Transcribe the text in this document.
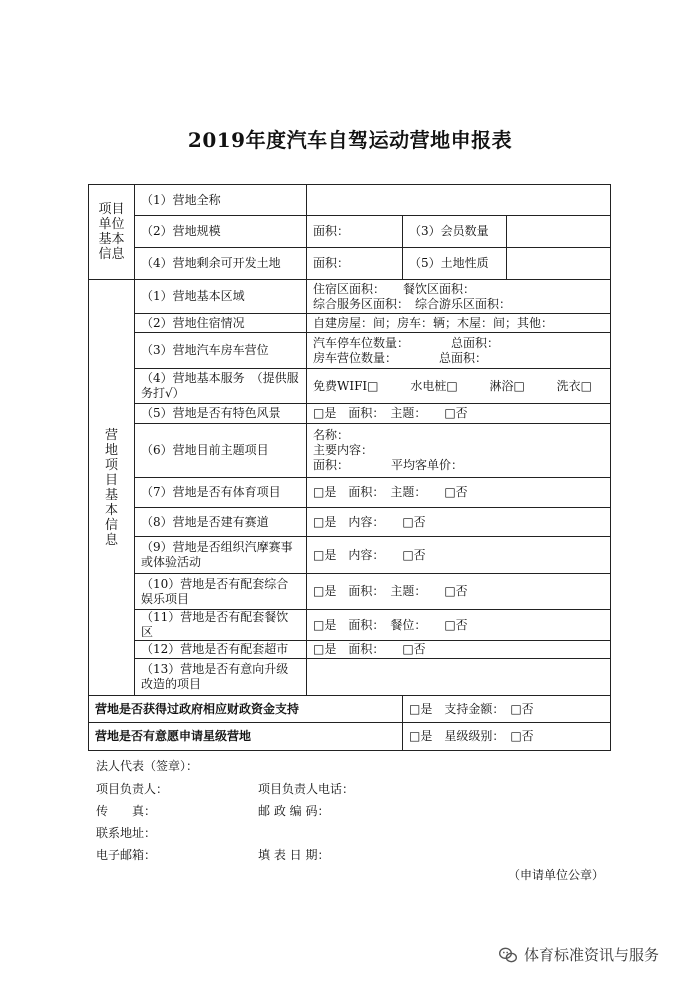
2019年度汽车自驾运动营地申报表
项目单位基本信息	（1）营地全称			
	（2）营地规模	面积：	（3）会员数量	
	（4）营地剩余可开发土地	面积：	（5）土地性质	
营地项目基本信息	（1）营地基本区域	住宿区面积：　　餐饮区面积：
综合服务区面积：　综合游乐区面积：		

	（2）营地住宿情况	自建房屋：间；房车：辆；木屋：间；其他：		
	（3）营地汽车房车营位	汽车停车位数量：　　　　总面积：
房车营位数量：　　　　总面积：		

	（4）营地基本服务　（提供服务打√）	免费WIFI□ 水电桩□ 淋浴□ 洗衣□		
	（5）营地是否有特色风景	□是　面积：　主题：　　□否		
	（6）营地目前主题项目	名称：
主要内容：
面积：　　　　平均客单价：		

	（7）营地是否有体育项目	□是　面积：　主题：　　□否		
	（8）营地是否建有赛道	□是　内容：　　□否		
	（9）营地是否组织汽摩赛事或体验活动	□是　内容：　　□否		
	（10）营地是否有配套综合娱乐项目	□是　面积：　主题：　　□否		
	（11）营地是否有配套餐饮区	□是　面积：　餐位：　　□否		
	（12）营地是否有配套超市	□是　面积：　　□否		
	（13）营地是否有意向升级改造的项目			
营地是否获得过政府相应财政资金支持			□是　支持金额：　□否	
营地是否有意愿申请星级营地			□是　星级级别：　□否	
法人代表（签章）：
项目负责人：	项目负责人电话：
传　　真：	邮 政 编 码：
联系地址：
电子邮箱：	填 表 日 期：
（申请单位公章）
体育标准资讯与服务
